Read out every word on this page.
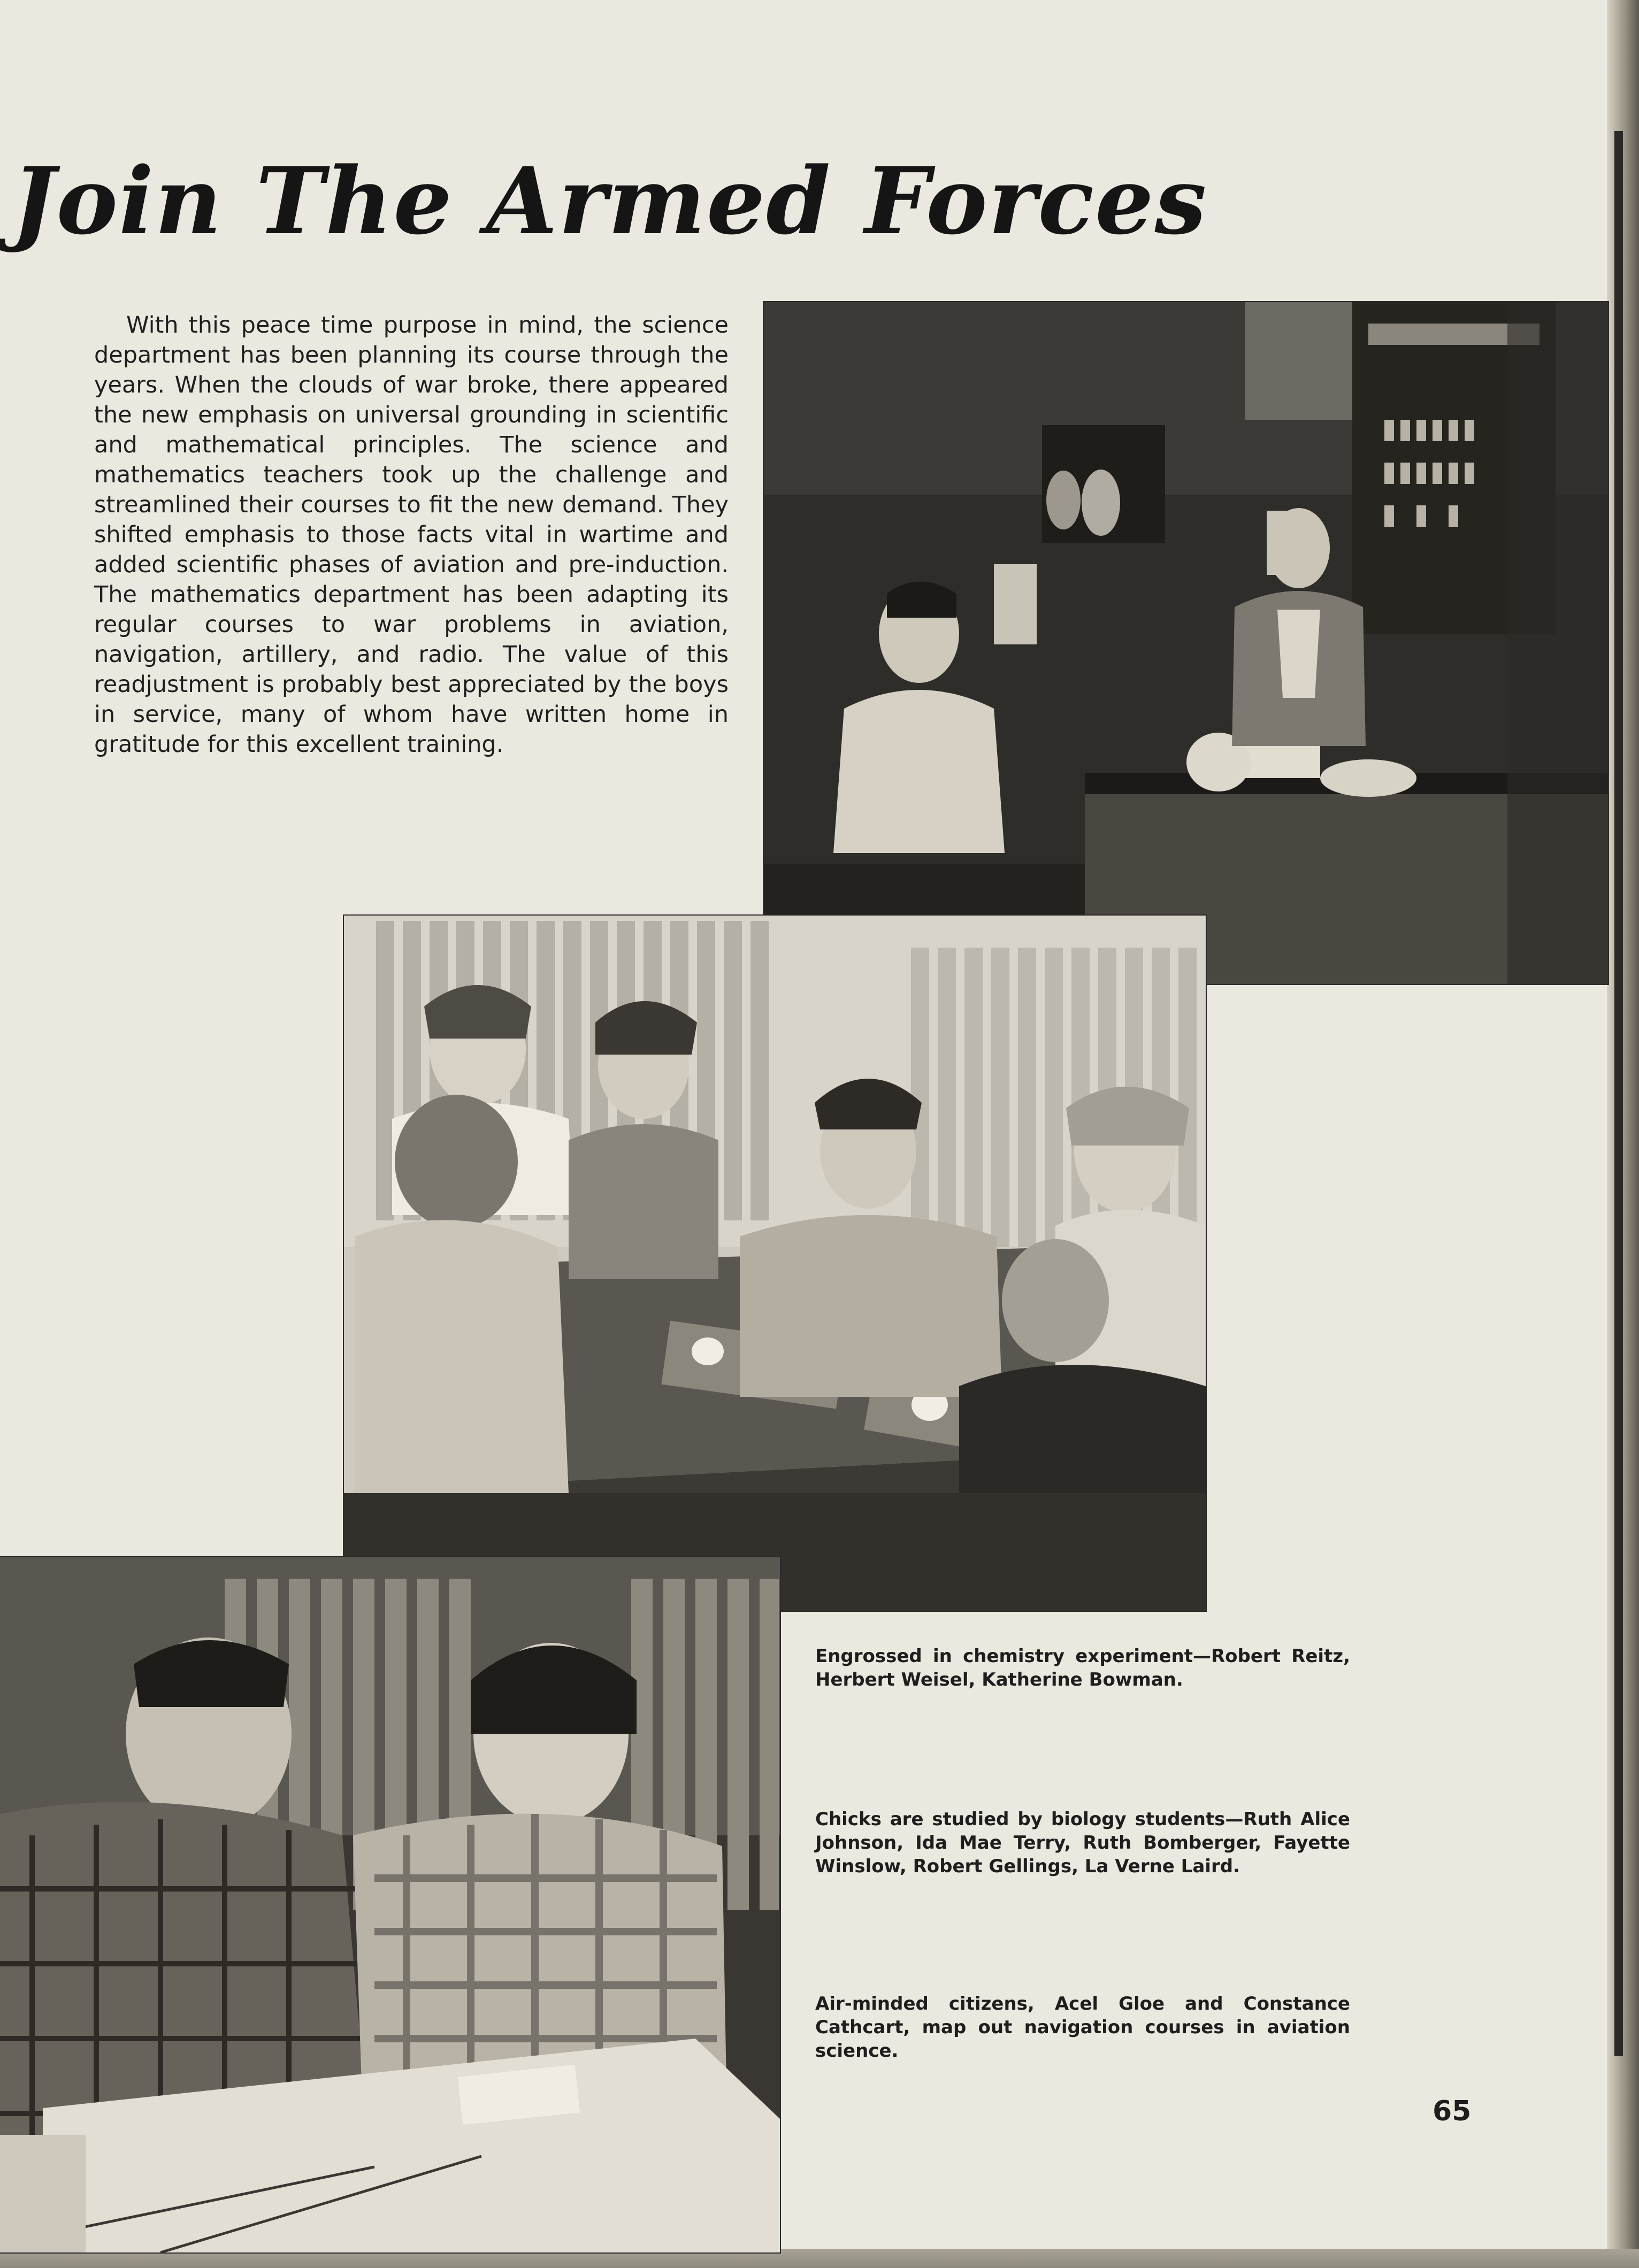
Join The Armed Forces

With this peace time purpose in mind, the science department has been planning its course through the years. When the clouds of war broke, there appeared the new emphasis on universal grounding in scientific and mathematical principles. The science and mathematics teachers took up the challenge and streamlined their courses to fit the new demand. They shifted emphasis to those facts vital in wartime and added scientific phases of aviation and pre-induction. The mathematics department has been adapting its regular courses to war problems in aviation, navigation, artillery, and radio. The value of this readjustment is probably best appreciated by the boys in service, many of whom have written home in gratitude for this excellent training.

Engrossed in chemistry experiment—Robert Reitz, Herbert Weisel, Katherine Bowman.

Chicks are studied by biology students—Ruth Alice Johnson, Ida Mae Terry, Ruth Bomberger, Fayette Winslow, Robert Gellings, La Verne Laird.

Air-minded citizens, Acel Gloe and Constance Cathcart, map out navigation courses in aviation science.

65
